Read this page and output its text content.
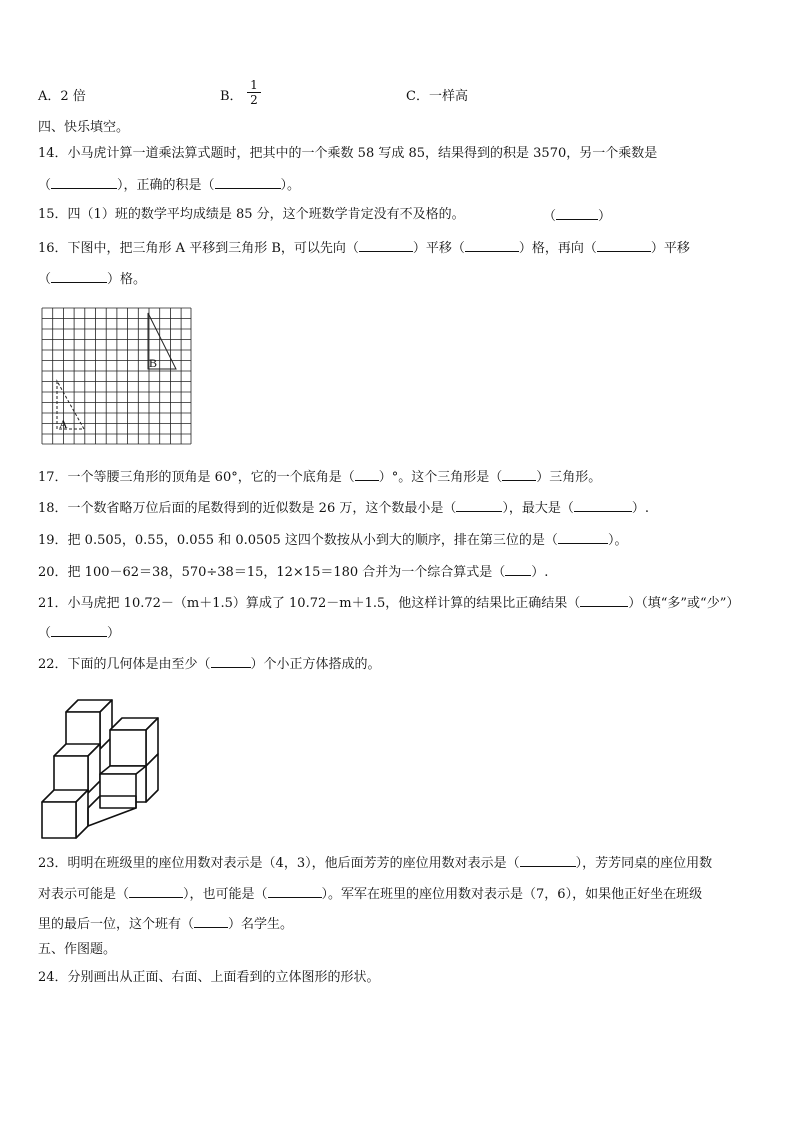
A．2 倍	B． $\frac{1}{2}$	C．一样高
四、快乐填空。
14．小马虎计算一道乘法算式题时，把其中的一个乘数 58 写成 85，结果得到的积是 3570，另一个乘数是
（	），正确的积是（	）。
15．四（1）班的数学平均成绩是 85 分，这个班数学肯定没有不及格的。	（	）
16．下图中，把三角形 A 平移到三角形 B，可以先向（	）平移（	）格，再向（	）平移
（	）格。
A
B
17．一个等腰三角形的顶角是 60°，它的一个底角是（ ）°。这个三角形是（	）三角形。
18．一个数省略万位后面的尾数得到的近似数是 26 万，这个数最小是（	），最大是（	）.
19．把 0.505，0.55，0.055 和 0.0505 这四个数按从小到大的顺序，排在第三位的是（	）。
20．把 100－62＝38，570÷38＝15，12×15＝180 合并为一个综合算式是（ ）.
21．小马虎把 10.72－（m＋1.5）算成了 10.72－m＋1.5，他这样计算的结果比正确结果（	）（填“多”或“少”）
（	）
22．下面的几何体是由至少（	）个小正方体搭成的。
23．明明在班级里的座位用数对表示是（4，3），他后面芳芳的座位用数对表示是（	），芳芳同桌的座位用数
对表示可能是（	），也可能是（	）。军军在班里的座位用数对表示是（7，6），如果他正好坐在班级
里的最后一位，这个班有（	）名学生。
五、作图题。
24．分别画出从正面、右面、上面看到的立体图形的形状。
